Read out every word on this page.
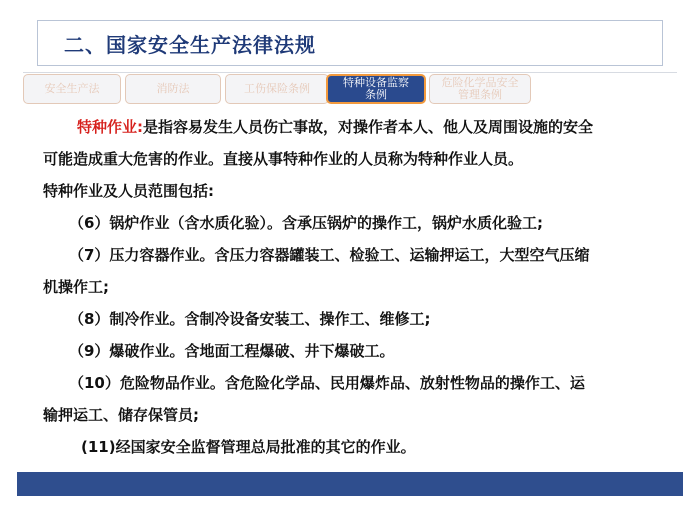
二、国家安全生产法律法规
安全生产法	消防法	工伤保险条例	特种设备监察
条例
危险化学品安全
管理条例
特种作业:是指容易发生人员伤亡事故，对操作者本人、他人及周围设施的安全
可能造成重大危害的作业。直接从事特种作业的人员称为特种作业人员。
特种作业及人员范围包括:
（6）锅炉作业（含水质化验）。含承压锅炉的操作工，锅炉水质化验工;
（7）压力容器作业。含压力容器罐装工、检验工、运输押运工，大型空气压缩
机操作工;
（8）制冷作业。含制冷设备安装工、操作工、维修工;
（9）爆破作业。含地面工程爆破、井下爆破工。
（10）危险物品作业。含危险化学品、民用爆炸品、放射性物品的操作工、运
输押运工、储存保管员;
(11)经国家安全监督管理总局批准的其它的作业。
